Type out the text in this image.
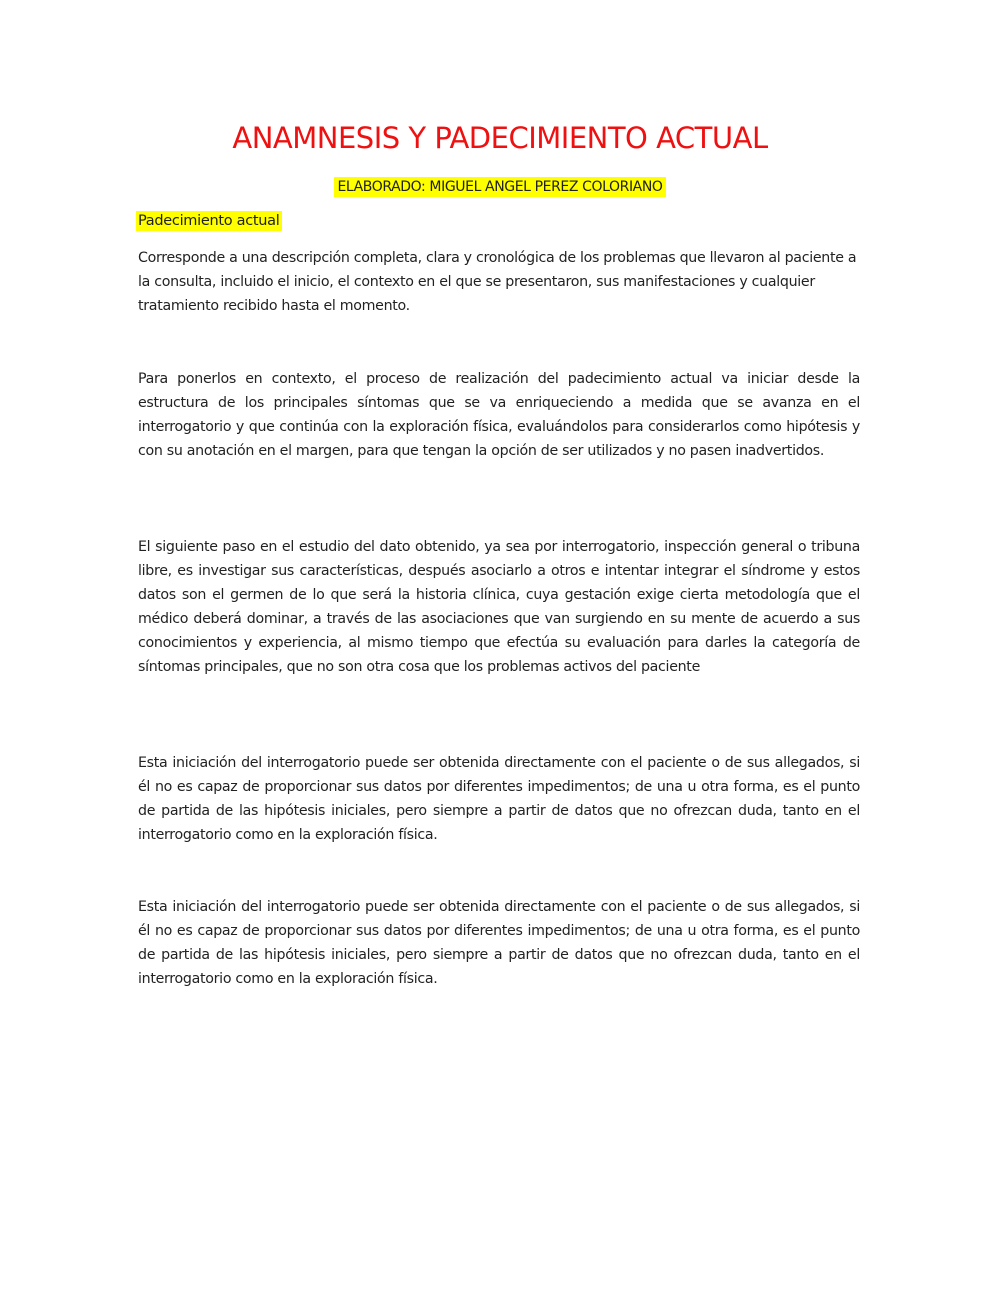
ANAMNESIS Y PADECIMIENTO ACTUAL
ELABORADO: MIGUEL ANGEL PEREZ COLORIANO
Padecimiento actual

Corresponde a una descripción completa, clara y cronológica de los problemas que llevaron al paciente a la consulta, incluido el inicio, el contexto en el que se presentaron, sus manifestaciones y cualquier tratamiento recibido hasta el momento.

Para ponerlos en contexto, el proceso de realización del padecimiento actual va iniciar desde la estructura de los principales síntomas que se va enriqueciendo a medida que se avanza en el interrogatorio y que continúa con la exploración física, evaluándolos para considerarlos como hipótesis y con su anotación en el margen, para que tengan la opción de ser utilizados y no pasen inadvertidos.

El siguiente paso en el estudio del dato obtenido, ya sea por interrogatorio, inspección general o tribuna libre, es investigar sus características, después asociarlo a otros e intentar integrar el síndrome y estos datos son el germen de lo que será la historia clínica, cuya gestación exige cierta metodología que el médico deberá dominar, a través de las asociaciones que van surgiendo en su mente de acuerdo a sus conocimientos y experiencia, al mismo tiempo que efectúa su evaluación para darles la categoría de síntomas principales, que no son otra cosa que los problemas activos del paciente

Esta iniciación del interrogatorio puede ser obtenida directamente con el paciente o de sus allegados, si él no es capaz de proporcionar sus datos por diferentes impedimentos; de una u otra forma, es el punto de partida de las hipótesis iniciales, pero siempre a partir de datos que no ofrezcan duda, tanto en el interrogatorio como en la exploración física.

Esta iniciación del interrogatorio puede ser obtenida directamente con el paciente o de sus allegados, si él no es capaz de proporcionar sus datos por diferentes impedimentos; de una u otra forma, es el punto de partida de las hipótesis iniciales, pero siempre a partir de datos que no ofrezcan duda, tanto en el interrogatorio como en la exploración física.
